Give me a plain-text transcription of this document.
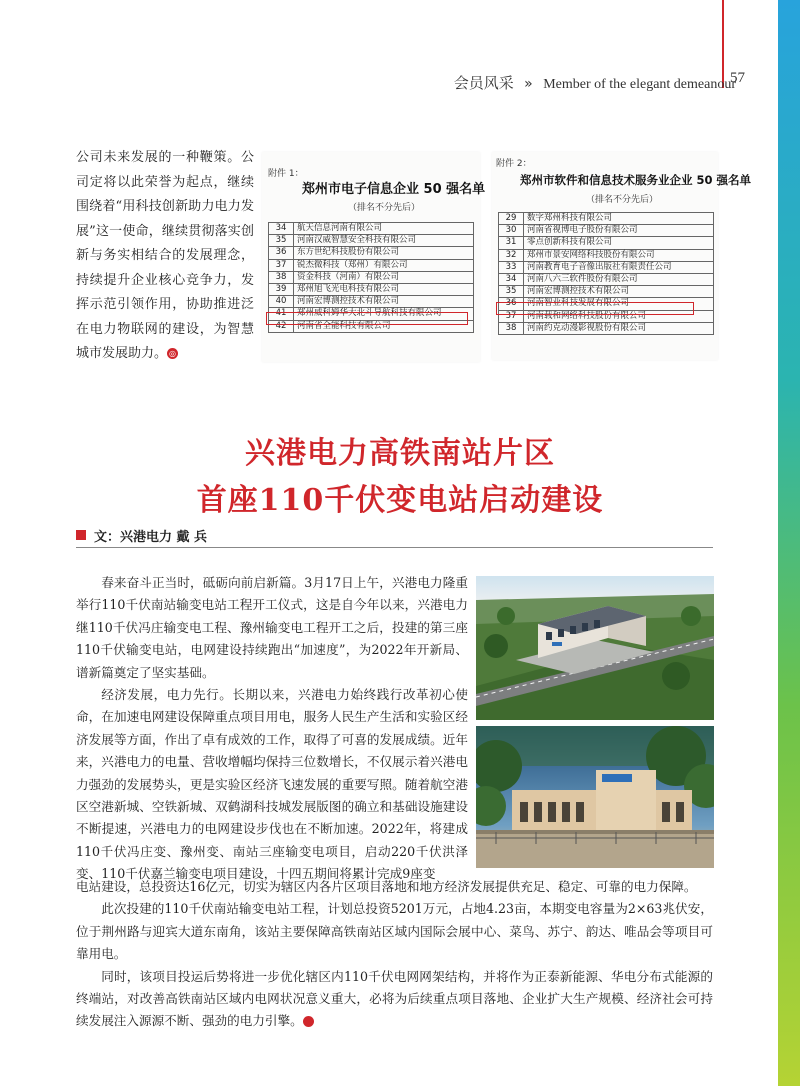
会员风采 » Member of the elegant demeanour
57
公司未来发展的一种鞭策。公司定将以此荣誉为起点，继续围绕着“用科技创新助力电力发展”这一使命，继续贯彻落实创新与务实相结合的发展理念，持续提升企业核心竞争力，发挥示范引领作用，协助推进泛在电力物联网的建设，为智慧城市发展助力。 ◎
附件 1：
郑州市电子信息企业 50 强名单
（排名不分先后）
34	航天信息河南有限公司
35	河南汉威智慧安全科技有限公司
36	东方世纪科技股份有限公司
37	锐杰微科技（郑州）有限公司
38	资金科技（河南）有限公司
39	郑州旭飞光电科技有限公司
40	河南宏博测控技术有限公司
41	郑州威科姆华大北斗导航科技有限公司
42	河南省全能科技有限公司
附件 2：
郑州市软件和信息技术服务业企业 50 强名单
（排名不分先后）
29	数字郑州科技有限公司
30	河南省视博电子股份有限公司
31	零点创新科技有限公司
32	郑州市景安网络科技股份有限公司
33	河南教育电子音像出版社有限责任公司
34	河南八六三软件股份有限公司
35	河南宏博测控技术有限公司
36	河南智业科技发展有限公司
37	河南载和网络科技股份有限公司
38	河南约克动漫影视股份有限公司
兴港电力高铁南站片区
首座110千伏变电站启动建设
文：兴港电力 戴 兵

春来奋斗正当时，砥砺向前启新篇。3月17日上午，兴港电力隆重举行110千伏南站输变电站工程开工仪式，这是自今年以来，兴港电力继110千伏冯庄输变电工程、豫州输变电工程开工之后，投建的第三座110千伏输变电站，电网建设持续跑出“加速度”，为2022年开新局、谱新篇奠定了坚实基础。

经济发展，电力先行。长期以来，兴港电力始终践行改革初心使命，在加速电网建设保障重点项目用电，服务人民生产生活和实验区经济发展等方面，作出了卓有成效的工作，取得了可喜的发展成绩。近年来，兴港电力的电量、营收增幅均保持三位数增长，不仅展示着兴港电力强劲的发展势头，更是实验区经济飞速发展的重要写照。随着航空港区空港新城、空铁新城、双鹤湖科技城发展版图的确立和基础设施建设不断提速，兴港电力的电网建设步伐也在不断加速。2022年，将建成110千伏冯庄变、豫州变、南站三座输变电项目，启动220千伏洪泽变、110千伏嘉兰输变电项目建设，十四五期间将累计完成9座变

电站建设，总投资达16亿元，切实为辖区内各片区项目落地和地方经济发展提供充足、稳定、可靠的电力保障。

此次投建的110千伏南站输变电站工程，计划总投资5201万元，占地4.23亩，本期变电容量为2×63兆伏安，位于荆州路与迎宾大道东南角，该站主要保障高铁南站区域内国际会展中心、菜鸟、苏宁、韵达、唯品会等项目可靠用电。

同时，该项目投运后势将进一步优化辖区内110千伏电网网架结构，并将作为正泰新能源、华电分布式能源的终端站，对改善高铁南站区域内电网状况意义重大，必将为后续重点项目落地、企业扩大生产规模、经济社会可持续发展注入源源不断、强劲的电力引擎。	◎
